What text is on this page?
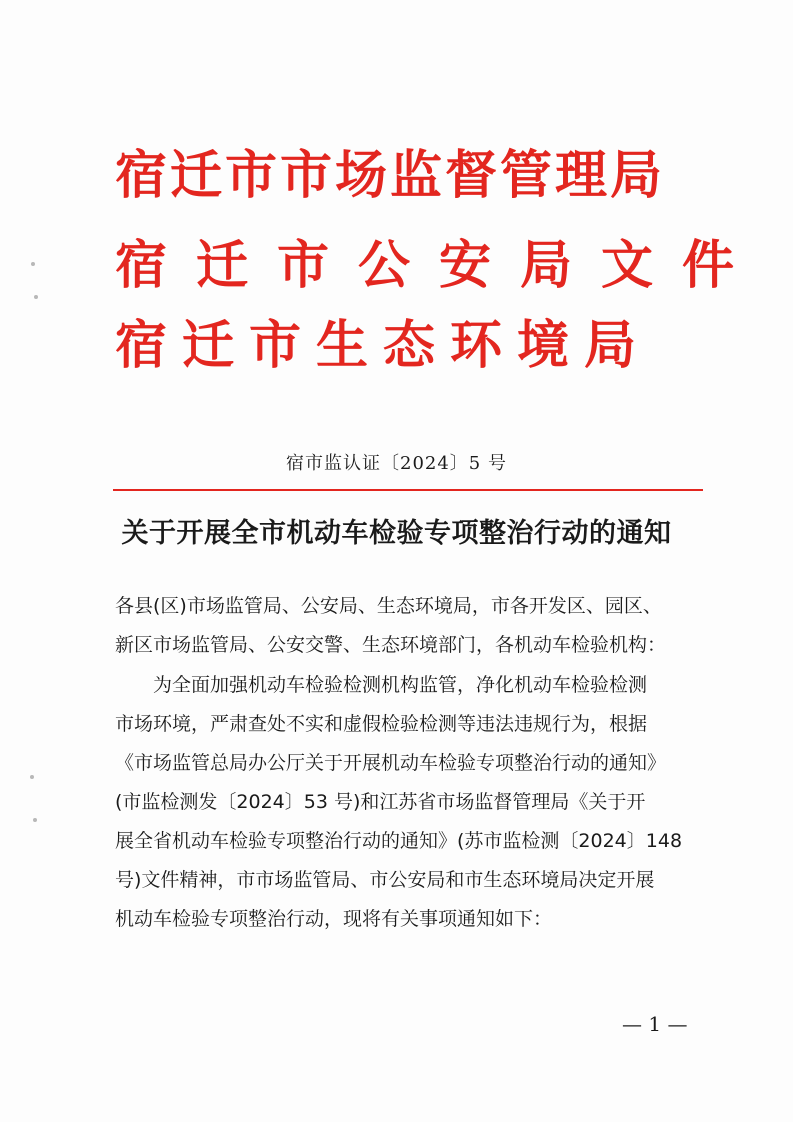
宿迁市市场监督管理局
宿迁市公安局文件
宿迁市生态环境局
宿市监认证〔2024〕5 号
关于开展全市机动车检验专项整治行动的通知
各县(区)市场监管局、公安局、生态环境局，市各开发区、园区、
新区市场监管局、公安交警、生态环境部门，各机动车检验机构：
　　为全面加强机动车检验检测机构监管，净化机动车检验检测
市场环境，严肃查处不实和虚假检验检测等违法违规行为，根据
《市场监管总局办公厅关于开展机动车检验专项整治行动的通知》
(市监检测发〔2024〕53 号)和江苏省市场监督管理局《关于开
展全省机动车检验专项整治行动的通知》(苏市监检测〔2024〕148
号)文件精神，市市场监管局、市公安局和市生态环境局决定开展
机动车检验专项整治行动，现将有关事项通知如下：
— 1 —
